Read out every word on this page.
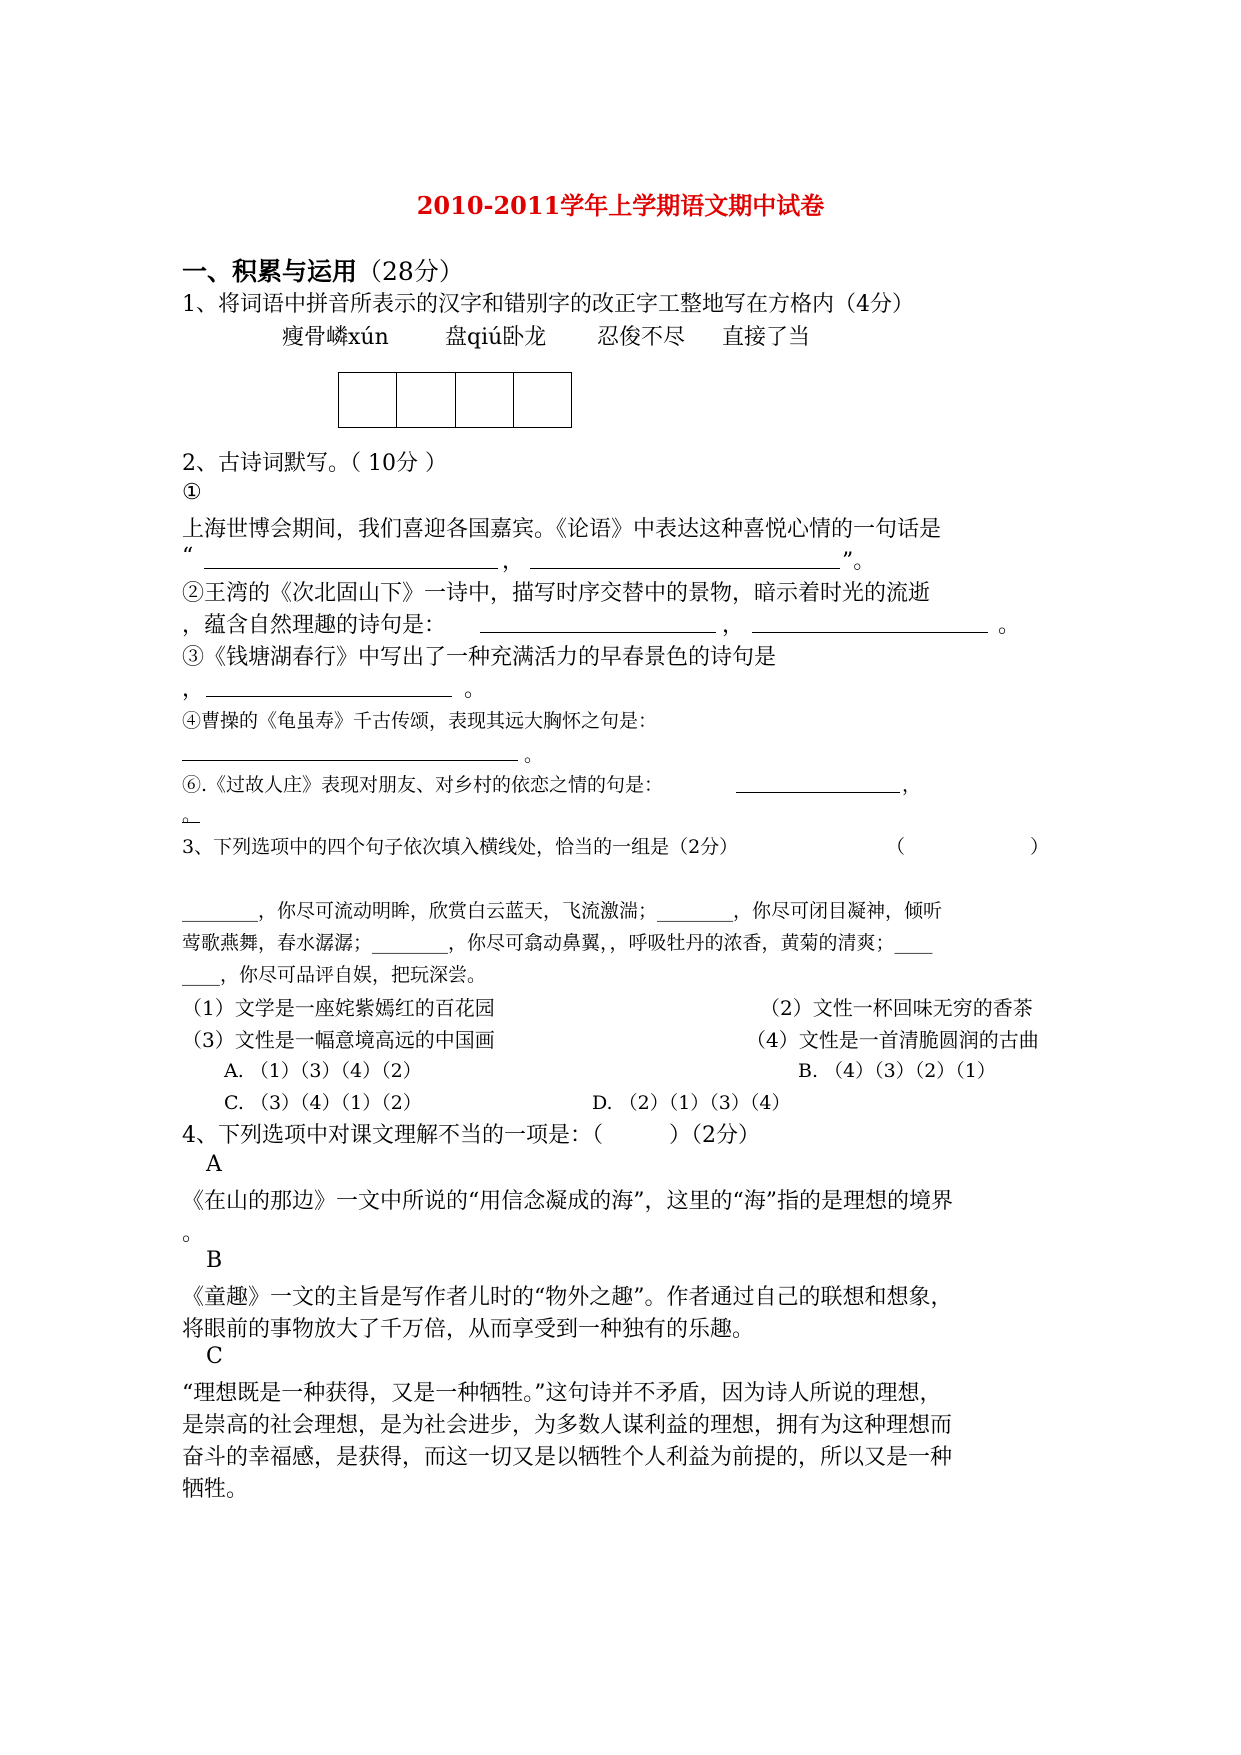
2010-2011学年上学期语文期中试卷
一、积累与运用（28分）
1、将词语中拼音所表示的汉字和错别字的改正字工整地写在方格内（4分）
瘦骨嶙xún	盘qiú卧龙 忍俊不尽 直接了当
2、古诗词默写。（ 10分 ）
①
上海世博会期间，我们喜迎各国嘉宾。《论语》中表达这种喜悦心情的一句话是
“	，	”。
②王湾的《次北固山下》一诗中，描写时序交替中的景物，暗示着时光的流逝
，蕴含自然理趣的诗句是：	，	。
③《钱塘湖春行》中写出了一种充满活力的早春景色的诗句是
，	。
④曹操的《龟虽寿》千古传颂，表现其远大胸怀之句是：
。
⑥.《过故人庄》表现对朋友、对乡村的依恋之情的句是：	，
。
3、下列选项中的四个句子依次填入横线处，恰当的一组是（2分）	（	）
________，你尽可流动明眸，欣赏白云蓝天，飞流激湍；________，你尽可闭目凝神，倾听
莺歌燕舞，春水潺潺；________，你尽可翕动鼻翼，，呼吸牡丹的浓香，黄菊的清爽；____
____，你尽可品评自娱，把玩深尝。
（1）文学是一座姹紫嫣红的百花园	（2）文性一杯回味无穷的香茶
（3）文性是一幅意境高远的中国画	（4）文性是一首清脆圆润的古曲
A. （1）（3）（4）（2）	B. （4）（3）（2）（1）
C. （3）（4）（1）（2）	D. （2）（1）（3）（4）
4、下列选项中对课文理解不当的一项是：（　　　）（2分）
A
《在山的那边》一文中所说的“用信念凝成的海”，这里的“海”指的是理想的境界
。
B
《童趣》一文的主旨是写作者儿时的“物外之趣”。作者通过自己的联想和想象，
将眼前的事物放大了千万倍，从而享受到一种独有的乐趣。
C
“理想既是一种获得，又是一种牺牲。”这句诗并不矛盾，因为诗人所说的理想，
是崇高的社会理想，是为社会进步，为多数人谋利益的理想，拥有为这种理想而
奋斗的幸福感，是获得，而这一切又是以牺牲个人利益为前提的，所以又是一种
牺牲。
